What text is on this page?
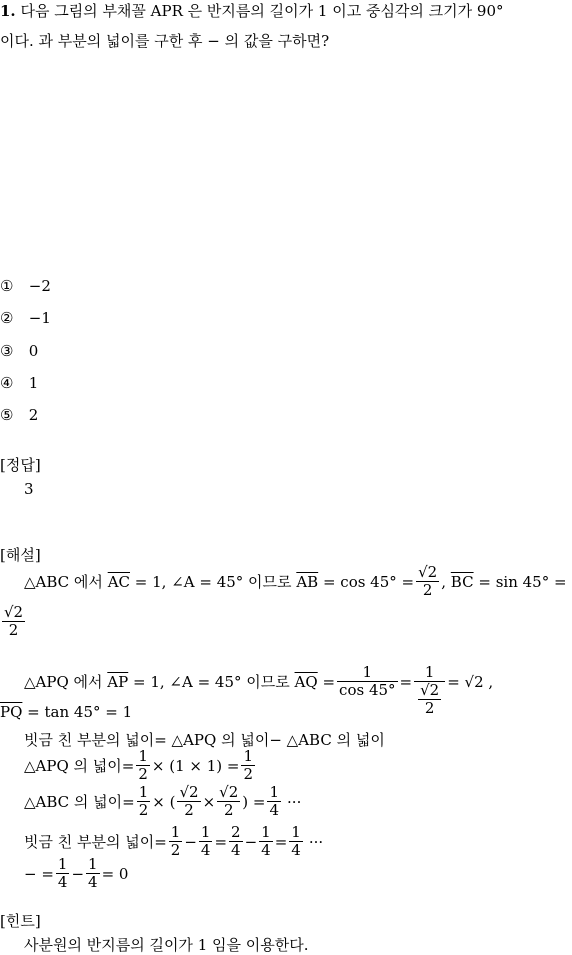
1. 다음 그림의 부채꼴 APR 은 반지름의 길이가 1 이고 중심각의 크기가 90°
이다. 과 부분의 넓이를 구한 후 − 의 값을 구하면?
① −2
② −1
③ 0
④ 1
⑤ 2
[정답]
3
[해설]
△ABC 에서
$\overline{AC}$
= 1, ∠A = 45° 이므로
$\overline{AB}$
= $\cos 45^\circ = \frac{√2}{2}$ ,
$\overline{BC}$
= sin 45° =
$\frac{√2}{2}$
△APQ 에서
$\overline{AP}$
= 1, ∠A = 45° 이므로
$\overline{AQ}$
= $\frac{1}{\cos 45^\circ} = \frac{1}{\frac{√2}{2}} = √2$ ,
$\overline{PQ} = \tan 45^\circ = 1$
빗금 친 부분의 넓이= △APQ 의 넓이− △ABC 의 넓이
△APQ 의 넓이= $\frac{1}{2} \times (1 \times 1) = \frac{1}{2}$
△ABC 의 넓이= $\frac{1}{2}$ × ( $\frac{√2}{2} \times \frac{√2}{2}$ ) = $\frac{1}{4}$ ···
빗금 친 부분의 넓이= $\frac{1}{2} - \frac{1}{4} = \frac{2}{4} - \frac{1}{4} = \frac{1}{4}$ ···
− = $\frac{1}{4} - \frac{1}{4} = 0$
[힌트]
사분원의 반지름의 길이가 1 임을 이용한다.
